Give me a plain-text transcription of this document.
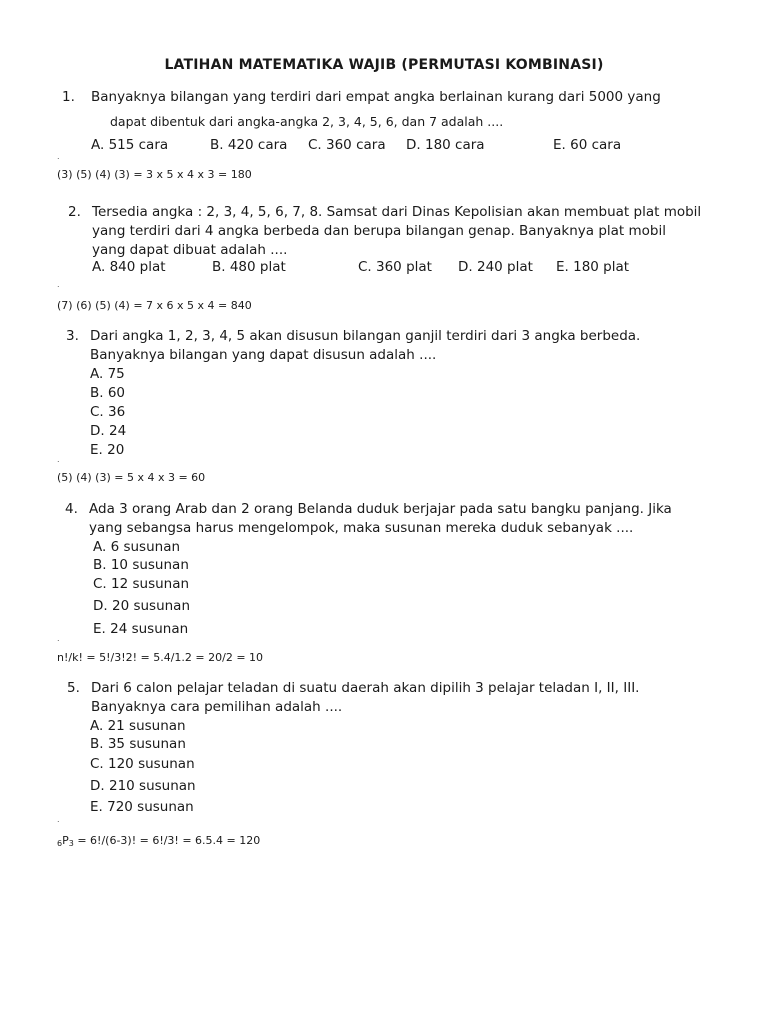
LATIHAN MATEMATIKA WAJIB (PERMUTASI KOMBINASI)
1.	Banyaknya bilangan yang terdiri dari empat angka berlainan kurang dari 5000 yang
dapat dibentuk dari angka-angka 2, 3, 4, 5, 6, dan 7 adalah ....
A. 515 cara	B. 420 cara C. 360 cara D. 180 cara	E. 60 cara
.
(3) (5) (4) (3) = 3 x 5 x 4 x 3 = 180
2. Tersedia angka : 2, 3, 4, 5, 6, 7, 8. Samsat dari Dinas Kepolisian akan membuat plat mobil
yang terdiri dari 4 angka berbeda dan berupa bilangan genap. Banyaknya plat mobil
yang dapat dibuat adalah ....
A. 840 plat	B. 480 plat	C. 360 plat D. 240 plat E. 180 plat
.
(7) (6) (5) (4) = 7 x 6 x 5 x 4 = 840
3. Dari angka 1, 2, 3, 4, 5 akan disusun bilangan ganjil terdiri dari 3 angka berbeda.
Banyaknya bilangan yang dapat disusun adalah ....
A. 75
B. 60
C. 36
D. 24
E. 20
.
(5) (4) (3) = 5 x 4 x 3 = 60
4. Ada 3 orang Arab dan 2 orang Belanda duduk berjajar pada satu bangku panjang. Jika
yang sebangsa harus mengelompok, maka susunan mereka duduk sebanyak ....
A. 6 susunan
B. 10 susunan
C. 12 susunan
D. 20 susunan
E. 24 susunan
.
n!/k! = 5!/3!2! = 5.4/1.2 = 20/2 = 10
5. Dari 6 calon pelajar teladan di suatu daerah akan dipilih 3 pelajar teladan I, II, III.
Banyaknya cara pemilihan adalah ....
A. 21 susunan
B. 35 susunan
C. 120 susunan
D. 210 susunan
E. 720 susunan
.
$_6P_3 = 6!/(6-3)$! = 6!/3! = 6.5.4 = 120
